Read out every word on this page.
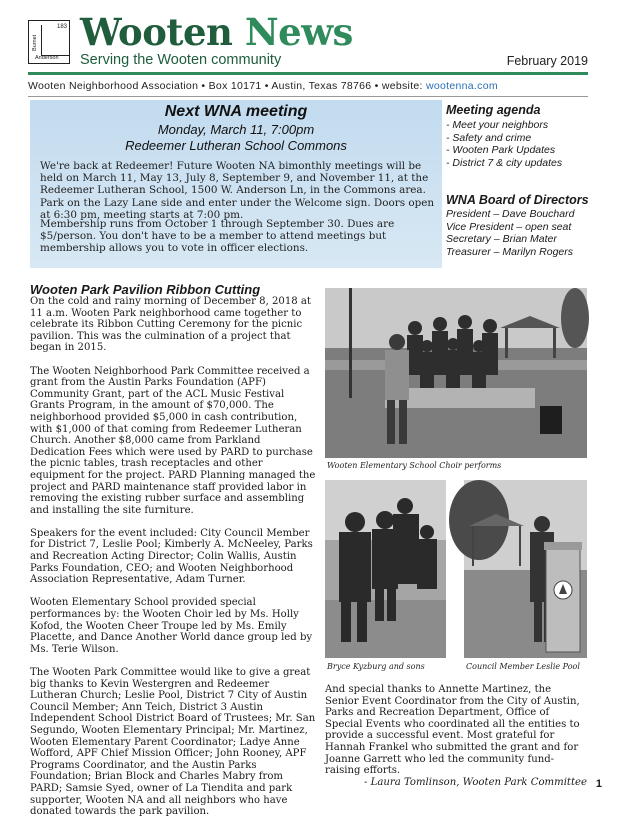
183
Burnet
Anderson
Wooten News
Serving the Wooten community	February 2019
Wooten Neighborhood Association • Box 10171 • Austin, Texas 78766 • website: wootenna.com
Next WNA meeting
Monday, March 11, 7:00pm
Redeemer Lutheran School Commons

We're back at Redeemer! Future Wooten NA bimonthly meetings will be held on March 11, May 13, July 8, September 9, and November 11, at the Redeemer Lutheran School, 1500 W. Anderson Ln, in the Commons area. Park on the Lazy Lane side and enter under the Welcome sign. Doors open at 6:30 pm, meeting starts at 7:00 pm.

Membership runs from October 1 through September 30. Dues are $5/person. You don't have to be a member to attend meetings but membership allows you to vote in officer elections.

Meeting agenda
- Meet your neighbors
- Safety and crime
- Wooten Park Updates
- District 7 & city updates
WNA Board of Directors
President – Dave Bouchard
Vice President – open seat
Secretary – Brian Mater
Treasurer – Marilyn Rogers
Wooten Park Pavilion Ribbon Cutting

On the cold and rainy morning of December 8, 2018 at 11 a.m. Wooten Park neighborhood came together to celebrate its Ribbon Cutting Ceremony for the picnic pavilion. This was the culmination of a project that began in 2015.

The Wooten Neighborhood Park Committee received a grant from the Austin Parks Foundation (APF) Community Grant, part of the ACL Music Festival Grants Program, in the amount of $70,000. The neighborhood provided $5,000 in cash contribution, with $1,000 of that coming from Redeemer Lutheran Church. Another $8,000 came from Parkland Dedication Fees which were used by PARD to purchase the picnic tables, trash receptacles and other equipment for the project. PARD Planning managed the project and PARD maintenance staff provided labor in removing the existing rubber surface and assembling and installing the site furniture.

Speakers for the event included: City Council Member for District 7, Leslie Pool; Kimberly A. McNeeley, Parks and Recreation Acting Director; Colin Wallis, Austin Parks Foundation, CEO; and Wooten Neighborhood Association Representative, Adam Turner.

Wooten Elementary School provided special performances by: the Wooten Choir led by Ms. Holly Kofod, the Wooten Cheer Troupe led by Ms. Emily Placette, and Dance Another World dance group led by Ms. Terie Wilson.

The Wooten Park Committee would like to give a great big thanks to Kevin Westergren and Redeemer Lutheran Church; Leslie Pool, District 7 City of Austin Council Member; Ann Teich, District 3 Austin Independent School District Board of Trustees; Mr. San Segundo, Wooten Elementary Principal; Mr. Martinez, Wooten Elementary Parent Coordinator; Ladye Anne Wofford, APF Chief Mission Officer; John Rooney, APF Programs Coordinator, and the Austin Parks Foundation; Brian Block and Charles Mabry from PARD; Samsie Syed, owner of La Tiendita and park supporter, Wooten NA and all neighbors who have donated towards the park pavilion.

Wooten Elementary School Choir performs
Bryce Kyzburg and sons	Council Member Leslie Pool

And special thanks to Annette Martinez, the Senior Event Coordinator from the City of Austin, Parks and Recreation Department, Office of Special Events who coordinated all the entities to provide a successful event. Most grateful for Hannah Frankel who submitted the grant and for Joanne Garrett who led the community fund-raising efforts.

- Laura Tomlinson, Wooten Park Committee 1
